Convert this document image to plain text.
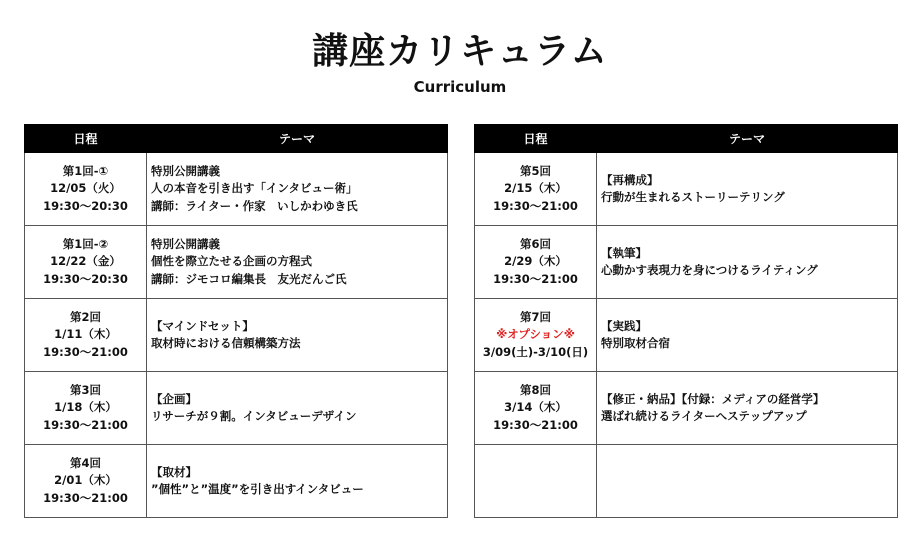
講座カリキュラム
Curriculum
日程	テーマ

第1回-①
12/05（火）
19:30〜20:30	特別公開講義
人の本音を引き出す「インタビュー術」
講師：ライター・作家　いしかわゆき氏

第1回-②
12/22（金）
19:30〜20:30	特別公開講義
個性を際立たせる企画の方程式
講師：ジモコロ編集長　友光だんご氏

第2回
1/11（木）
19:30〜21:00	【マインドセット】
取材時における信頼構築方法

第3回
1/18（木）
19:30〜21:00	【企画】
リサーチが９割。インタビューデザイン

第4回
2/01（木）
19:30〜21:00	【取材】
”個性”と”温度”を引き出すインタビュー
日程	テーマ

第5回
2/15（木）
19:30〜21:00	【再構成】
行動が生まれるストーリーテリング

第6回
2/29（木）
19:30〜21:00	【執筆】
心動かす表現力を身につけるライティング

第7回
※オプション※
3/09(土)-3/10(日)	【実践】
特別取材合宿

第8回
3/14（木）
19:30〜21:00	【修正・納品】【付録：メディアの経営学】
選ばれ続けるライターへステップアップ
